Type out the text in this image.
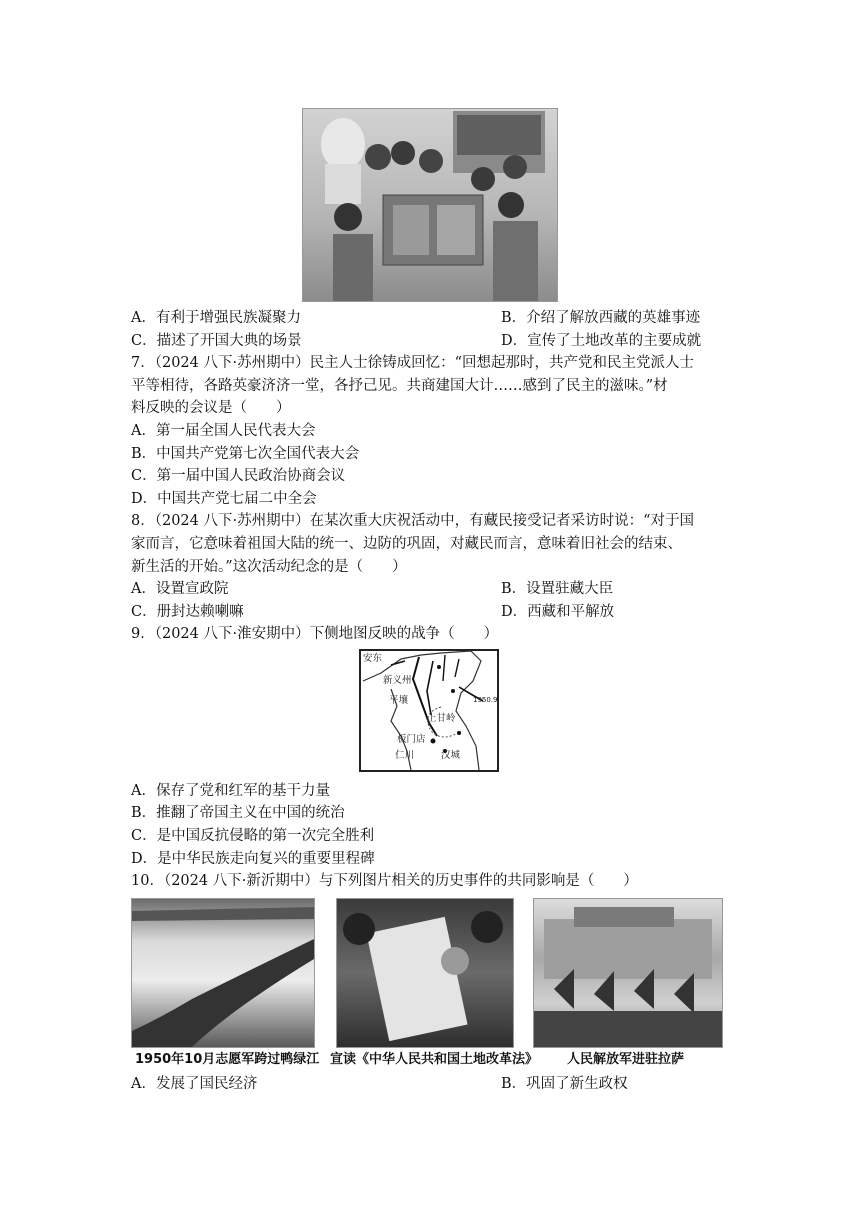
A．有利于增强民族凝聚力	B．介绍了解放西藏的英雄事迹
C．描述了开国大典的场景	D．宣传了土地改革的主要成就
7．（2024 八下·苏州期中）民主人士徐铸成回忆：“回想起那时，共产党和民主党派人士
平等相待，各路英豪济济一堂，各抒己见。共商建国大计……感到了民主的滋味。”材
料反映的会议是（　　）
A．第一届全国人民代表大会
B．中国共产党第七次全国代表大会
C．第一届中国人民政治协商会议
D．中国共产党七届二中全会
8．（2024 八下·苏州期中）在某次重大庆祝活动中，有藏民接受记者采访时说：“对于国
家而言，它意味着祖国大陆的统一、边防的巩固，对藏民而言，意味着旧社会的结束、
新生活的开始。”这次活动纪念的是（　　）
A．设置宣政院	B．设置驻藏大臣
C．册封达赖喇嘛	D．西藏和平解放
9．（2024 八下·淮安期中）下侧地图反映的战争（　　）
安东
新义州
平壤
上甘岭
板门店
仁川	汉城
1950.9
A．保存了党和红军的基干力量
B．推翻了帝国主义在中国的统治
C．是中国反抗侵略的第一次完全胜利
D．是中华民族走向复兴的重要里程碑
10．（2024 八下·新沂期中）与下列图片相关的历史事件的共同影响是（　　）
1950年10月志愿军跨过鸭绿江 宣读《中华人民共和国土地改革法》 人民解放军进驻拉萨
A．发展了国民经济	B．巩固了新生政权
